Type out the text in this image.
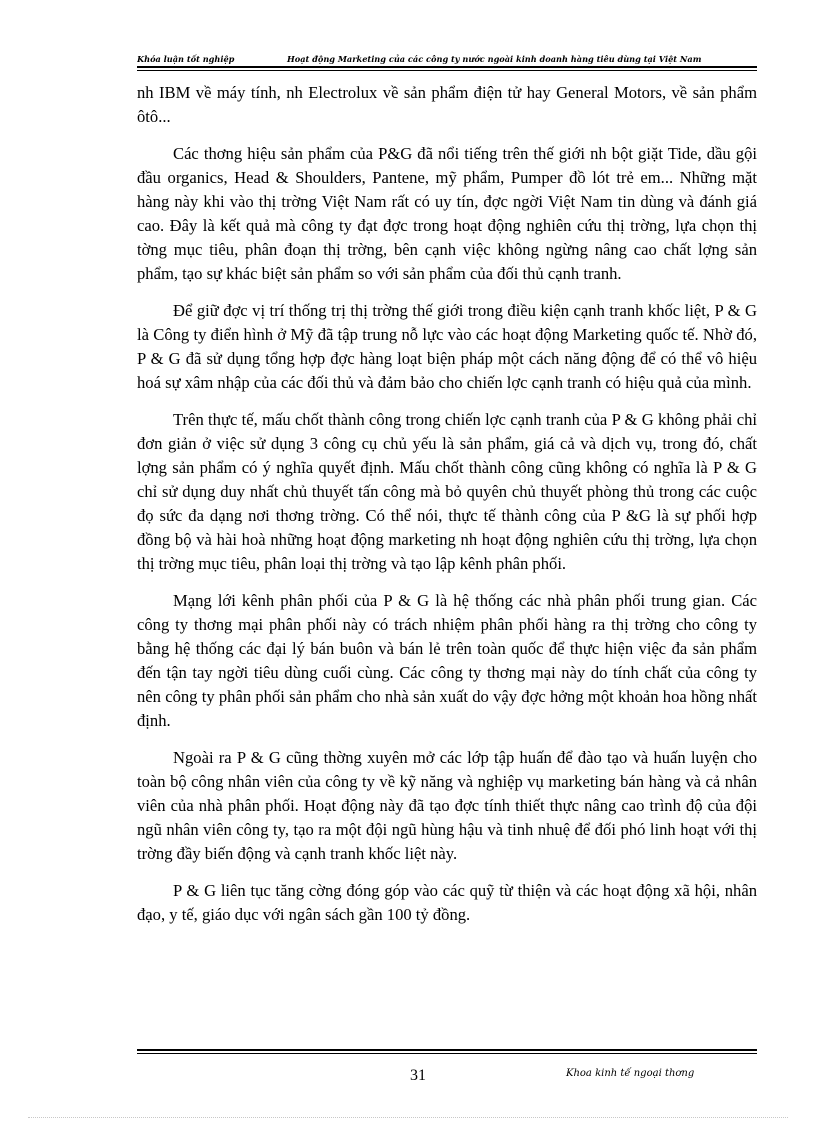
Khóa luận tốt nghiệp	Hoạt động Marketing của các công ty nước ngoài kinh doanh hàng tiêu dùng tại Việt Nam

nh IBM về máy tính, nh Electrolux về sản phẩm điện tử hay General Motors, về sản phẩm ôtô...

Các thơng hiệu sản phẩm của P&G đã nổi tiếng trên thế giới nh bột giặt Tide, dầu gội đầu organics, Head & Shoulders, Pantene, mỹ phẩm, Pumper đồ lót trẻ em... Những mặt hàng này khi vào thị trờng Việt Nam rất có uy tín, đợc ngời Việt Nam tin dùng và đánh giá cao. Đây là kết quả mà công ty đạt đợc trong hoạt động nghiên cứu thị trờng, lựa chọn thị tờng mục tiêu, phân đoạn thị trờng, bên cạnh việc không ngừng nâng cao chất lợng sản phẩm, tạo sự khác biệt sản phẩm so với sản phẩm của đối thủ cạnh tranh.

Để giữ đợc vị trí thống trị thị trờng thế giới trong điều kiện cạnh tranh khốc liệt, P & G là Công ty điển hình ở Mỹ đã tập trung nỗ lực vào các hoạt động Marketing quốc tế. Nhờ đó, P & G đã sử dụng tổng hợp đợc hàng loạt biện pháp một cách năng động để có thể vô hiệu hoá sự xâm nhập của các đối thủ và đảm bảo cho chiến lợc cạnh tranh có hiệu quả của mình.

Trên thực tế, mấu chốt thành công trong chiến lợc cạnh tranh của P & G không phải chỉ đơn giản ở việc sử dụng 3 công cụ chủ yếu là sản phẩm, giá cả và dịch vụ, trong đó, chất lợng sản phẩm có ý nghĩa quyết định. Mấu chốt thành công cũng không có nghĩa là P & G chỉ sử dụng duy nhất chủ thuyết tấn công mà bỏ quyên chủ thuyết phòng thủ trong các cuộc đọ sức đa dạng nơi thơng trờng. Có thể nói, thực tế thành công của P &G là sự phối hợp đồng bộ và hài hoà những hoạt động marketing nh hoạt động nghiên cứu thị trờng, lựa chọn thị trờng mục tiêu, phân loại thị trờng và tạo lập kênh phân phối.

Mạng lới kênh phân phối của P & G là hệ thống các nhà phân phối trung gian. Các công ty thơng mại phân phối này có trách nhiệm phân phối hàng ra thị trờng cho công ty bằng hệ thống các đại lý bán buôn và bán lẻ trên toàn quốc để thực hiện việc đa sản phẩm đến tận tay ngời tiêu dùng cuối cùng. Các công ty thơng mại này do tính chất của công ty nên công ty phân phối sản phẩm cho nhà sản xuất do vậy đợc hởng một khoản hoa hồng nhất định.

Ngoài ra P & G cũng thờng xuyên mở các lớp tập huấn để đào tạo và huấn luyện cho toàn bộ công nhân viên của công ty về kỹ năng và nghiệp vụ marketing bán hàng và cả nhân viên của nhà phân phối. Hoạt động này đã tạo đợc tính thiết thực nâng cao trình độ của đội ngũ nhân viên công ty, tạo ra một đội ngũ hùng hậu và tinh nhuệ để đối phó linh hoạt với thị trờng đầy biến động và cạnh tranh khốc liệt này.

P & G liên tục tăng cờng đóng góp vào các quỹ từ thiện và các hoạt động xã hội, nhân đạo, y tế, giáo dục với ngân sách gần 100 tỷ đồng.

31	Khoa kinh tế ngoại thơng
